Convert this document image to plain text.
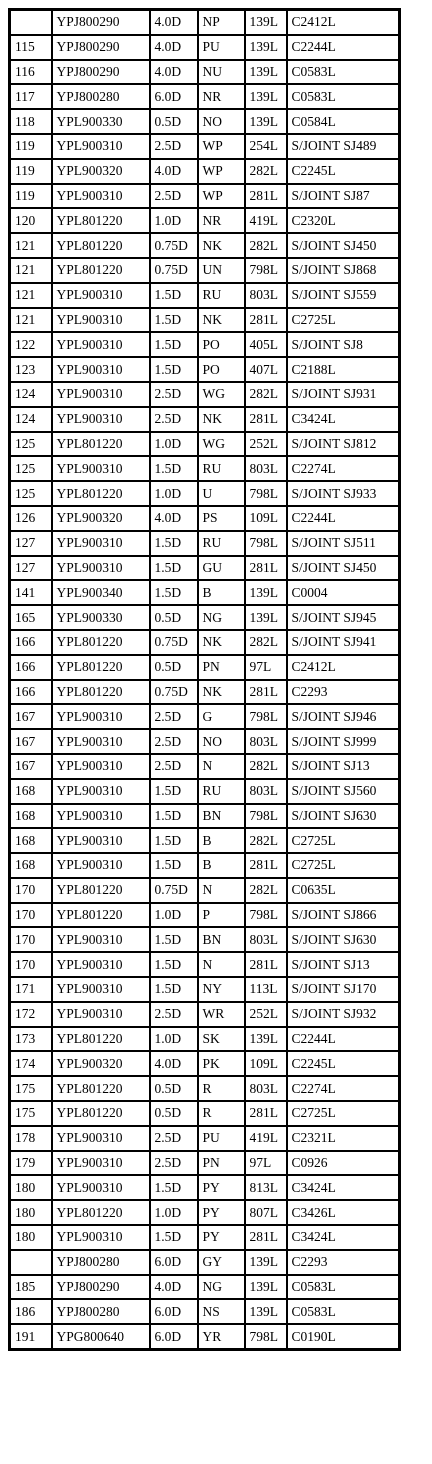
	YPJ800290	4.0D	NP	139L	C2412L
115	YPJ800290	4.0D	PU	139L	C2244L
116	YPJ800290	4.0D	NU	139L	C0583L
117	YPJ800280	6.0D	NR	139L	C0583L
118	YPL900330	0.5D	NO	139L	C0584L
119	YPL900310	2.5D	WP	254L	S/JOINT SJ489
119	YPL900320	4.0D	WP	282L	C2245L
119	YPL900310	2.5D	WP	281L	S/JOINT SJ87
120	YPL801220	1.0D	NR	419L	C2320L
121	YPL801220	0.75D	NK	282L	S/JOINT SJ450
121	YPL801220	0.75D	UN	798L	S/JOINT SJ868
121	YPL900310	1.5D	RU	803L	S/JOINT SJ559
121	YPL900310	1.5D	NK	281L	C2725L
122	YPL900310	1.5D	PO	405L	S/JOINT SJ8
123	YPL900310	1.5D	PO	407L	C2188L
124	YPL900310	2.5D	WG	282L	S/JOINT SJ931
124	YPL900310	2.5D	NK	281L	C3424L
125	YPL801220	1.0D	WG	252L	S/JOINT SJ812
125	YPL900310	1.5D	RU	803L	C2274L
125	YPL801220	1.0D	U	798L	S/JOINT SJ933
126	YPL900320	4.0D	PS	109L	C2244L
127	YPL900310	1.5D	RU	798L	S/JOINT SJ511
127	YPL900310	1.5D	GU	281L	S/JOINT SJ450
141	YPL900340	1.5D	B	139L	C0004
165	YPL900330	0.5D	NG	139L	S/JOINT SJ945
166	YPL801220	0.75D	NK	282L	S/JOINT SJ941
166	YPL801220	0.5D	PN	97L	C2412L
166	YPL801220	0.75D	NK	281L	C2293
167	YPL900310	2.5D	G	798L	S/JOINT SJ946
167	YPL900310	2.5D	NO	803L	S/JOINT SJ999
167	YPL900310	2.5D	N	282L	S/JOINT SJ13
168	YPL900310	1.5D	RU	803L	S/JOINT SJ560
168	YPL900310	1.5D	BN	798L	S/JOINT SJ630
168	YPL900310	1.5D	B	282L	C2725L
168	YPL900310	1.5D	B	281L	C2725L
170	YPL801220	0.75D	N	282L	C0635L
170	YPL801220	1.0D	P	798L	S/JOINT SJ866
170	YPL900310	1.5D	BN	803L	S/JOINT SJ630
170	YPL900310	1.5D	N	281L	S/JOINT SJ13
171	YPL900310	1.5D	NY	113L	S/JOINT SJ170
172	YPL900310	2.5D	WR	252L	S/JOINT SJ932
173	YPL801220	1.0D	SK	139L	C2244L
174	YPL900320	4.0D	PK	109L	C2245L
175	YPL801220	0.5D	R	803L	C2274L
175	YPL801220	0.5D	R	281L	C2725L
178	YPL900310	2.5D	PU	419L	C2321L
179	YPL900310	2.5D	PN	97L	C0926
180	YPL900310	1.5D	PY	813L	C3424L
180	YPL801220	1.0D	PY	807L	C3426L
180	YPL900310	1.5D	PY	281L	C3424L
	YPJ800280	6.0D	GY	139L	C2293
185	YPJ800290	4.0D	NG	139L	C0583L
186	YPJ800280	6.0D	NS	139L	C0583L
191	YPG800640	6.0D	YR	798L	C0190L
